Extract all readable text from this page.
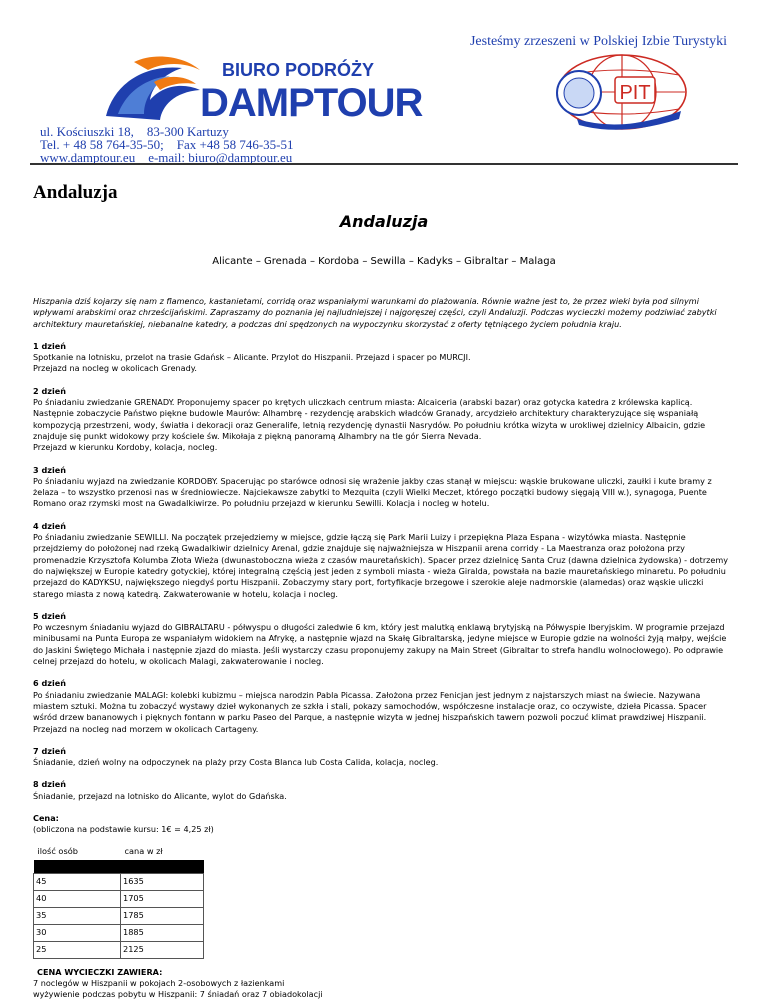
Jesteśmy zrzeszeni w Polskiej Izbie Turystyki
BIURO PODRÓŻY
DAMPTOUR	PIT
ul. Kościuszki 18,    83-300 Kartuzy
Tel. + 48 58 764-35-50;    Fax +48 58 746-35-51
www.damptour.eu    e-mail: biuro@damptour.eu
Andaluzja
Andaluzja
Alicante – Grenada – Kordoba – Sewilla – Kadyks – Gibraltar – Malaga

Hiszpania dziś kojarzy się nam z flamenco, kastanietami, corridą oraz wspaniałymi warunkami do plażowania. Równie ważne jest to, że przez wieki była pod silnymi wpływami arabskimi oraz chrześcijańskimi. Zapraszamy do poznania jej najludniejszej i najgoręszej części, czyli Andaluzji. Podczas wycieczki możemy podziwiać zabytki architektury mauretańskiej, niebanalne katedry, a podczas dni spędzonych na wypoczynku skorzystać z oferty tętniącego życiem południa kraju.

1 dzień
Spotkanie na lotnisku, przelot na trasie Gdańsk – Alicante. Przylot do Hiszpanii. Przejazd i spacer po MURCJI.
Przejazd na nocleg w okolicach Grenady.

2 dzień
Po śniadaniu zwiedzanie GRENADY. Proponujemy spacer po krętych uliczkach centrum miasta: Alcaiceria (arabski bazar) oraz gotycka katedra z królewska kaplicą. Następnie zobaczycie Państwo piękne budowle Maurów: Alhambrę - rezydencję arabskich władców Granady, arcydzieło architektury charakteryzujące się wspaniałą kompozycją przestrzeni, wody, światła i dekoracji oraz Generalife, letnią rezydencję dynastii Nasrydów. Po południu krótka wizyta w urokliwej dzielnicy Albaicin, gdzie znajduje się punkt widokowy przy kościele św. Mikołaja z piękną panoramą Alhambry na tle gór Sierra Nevada.
Przejazd w kierunku Kordoby, kolacja, nocleg.

3 dzień
Po śniadaniu wyjazd na zwiedzanie KORDOBY. Spacerując po starówce odnosi się wrażenie jakby czas stanął w miejscu: wąskie brukowane uliczki, zaułki i kute bramy z żelaza – to wszystko przenosi nas w średniowiecze. Najciekawsze zabytki to Mezquita (czyli Wielki Meczet, którego początki budowy sięgają VIII w.), synagoga, Puente Romano oraz rzymski most na Gwadalkiwirze. Po południu przejazd w kierunku Sewilli. Kolacja i nocleg w hotelu.

4 dzień
Po śniadaniu zwiedzanie SEWILLI. Na początek przejedziemy w miejsce, gdzie łączą się Park Marii Luizy i przepiękna Plaza Espana - wizytówka miasta. Następnie przejdziemy do położonej nad rzeką Gwadalkiwir dzielnicy Arenal, gdzie znajduje się najważniejsza w Hiszpanii arena corridy - La Maestranza oraz położona przy promenadzie Krzysztofa Kolumba Złota Wieża (dwunastoboczna wieża z czasów mauretańskich). Spacer przez dzielnicę Santa Cruz (dawna dzielnica żydowska) - dotrzemy do największej w Europie katedry gotyckiej, której integralną częścią jest jeden z symboli miasta - wieża Giralda, powstała na bazie mauretańskiego minaretu. Po południu przejazd do KADYKSU, największego niegdyś portu Hiszpanii. Zobaczymy stary port, fortyfikacje brzegowe i szerokie aleje nadmorskie (alamedas) oraz wąskie uliczki starego miasta z nową katedrą. Zakwaterowanie w hotelu, kolacja i nocleg.

5 dzień
Po wczesnym śniadaniu wyjazd do GIBRALTARU - półwyspu o długości zaledwie 6 km, który jest malutką enklawą brytyjską na Półwyspie Iberyjskim. W programie przejazd minibusami na Punta Europa ze wspaniałym widokiem na Afrykę, a następnie wjazd na Skałę Gibraltarską, jedyne miejsce w Europie gdzie na wolności żyją małpy, wejście do Jaskini Świętego Michała i następnie zjazd do miasta. Jeśli wystarczy czasu proponujemy zakupy na Main Street (Gibraltar to strefa handlu wolnocłowego). Po odprawie celnej przejazd do hotelu, w okolicach Malagi, zakwaterowanie i nocleg.

6 dzień
Po śniadaniu zwiedzanie MALAGI: kolebki kubizmu – miejsca narodzin Pabla Picassa. Założona przez Fenicjan jest jednym z najstarszych miast na świecie. Nazywana miastem sztuki. Można tu zobaczyć wystawy dzieł wykonanych ze szkła i stali, pokazy samochodów, współczesne instalacje oraz, co oczywiste, dzieła Picassa. Spacer wśród drzew bananowych i pięknych fontann w parku Paseo del Parque, a następnie wizyta w jednej hiszpańskich tawern pozwoli poczuć klimat prawdziwej Hiszpanii. Przejazd na nocleg nad morzem w okolicach Cartageny.

7 dzień
Śniadanie, dzień wolny na odpoczynek na plaży przy Costa Blanca lub Costa Calida, kolacja, nocleg.

8 dzień
Śniadanie, przejazd na lotnisko do Alicante, wylot do Gdańska.

Cena:
(obliczona na podstawie kursu: 1€ = 4,25 zł)
ilość osób	cana w zł

45	1635
40	1705
35	1785
30	1885
25	2125
CENA WYCIECZKI ZAWIERA:
7 noclegów w Hiszpanii w pokojach 2-osobowych z łazienkami
wyżywienie podczas pobytu w Hiszpanii: 7 śniadań oraz 7 obiadokolacji
